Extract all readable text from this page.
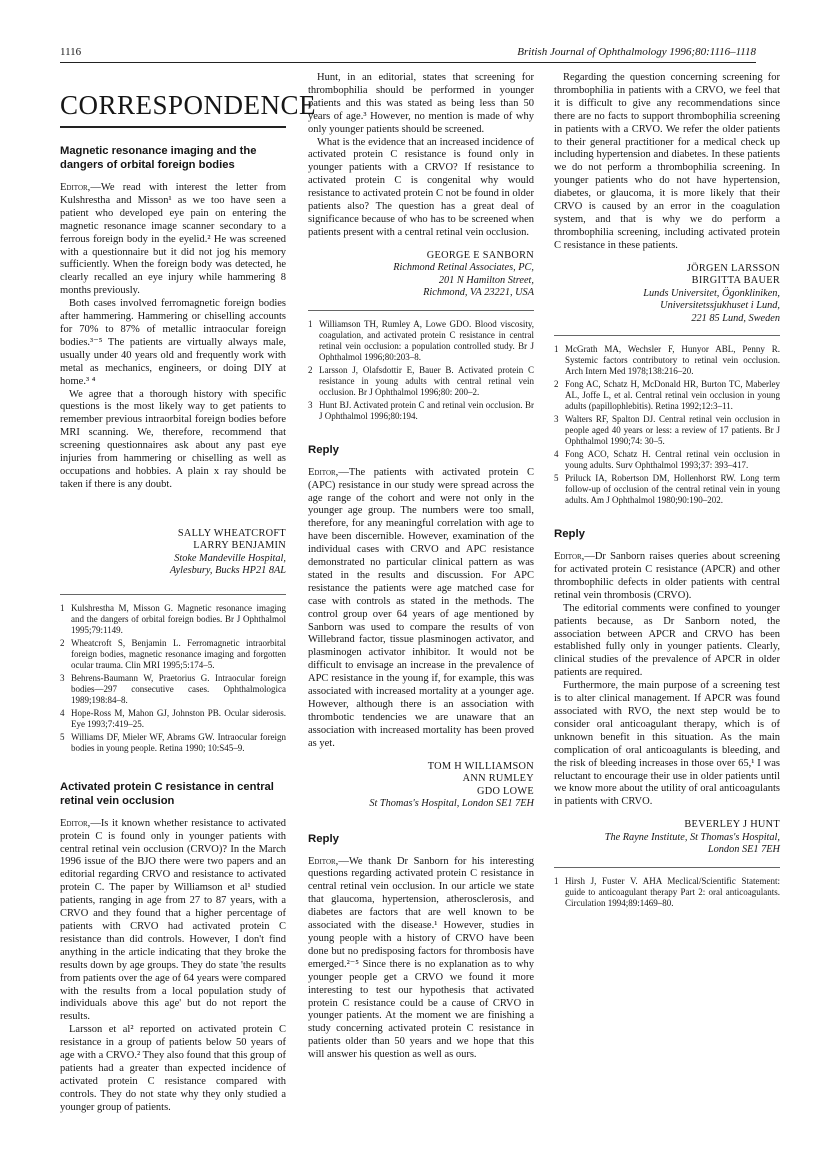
1116	British Journal of Ophthalmology 1996;80:1116–1118
CORRESPONDENCE
Magnetic resonance imaging and the dangers of orbital foreign bodies

Editor,—We read with interest the letter from Kulshrestha and Misson¹ as we too have seen a patient who developed eye pain on entering the magnetic resonance image scanner secondary to a ferrous foreign body in the eyelid.² He was screened with a questionnaire but it did not jog his memory sufficiently. When the foreign body was detected, he clearly recalled an eye injury while hammering 8 months previously.

Both cases involved ferromagnetic foreign bodies after hammering. Hammering or chiselling accounts for 70% to 87% of metallic intraocular foreign bodies.³⁻⁵ The patients are virtually always male, usually under 40 years old and frequently work with metal as mechanics, engineers, or doing DIY at home.³ ⁴

We agree that a thorough history with specific questions is the most likely way to get patients to remember previous intraorbital foreign bodies before MRI scanning. We, therefore, recommend that screening questionnaires ask about any past eye injuries from hammering or chiselling as well as occupations and hobbies. A plain x ray should be taken if there is any doubt.

SALLY WHEATCROFT
LARRY BENJAMIN
Stoke Mandeville Hospital,
Aylesbury, Bucks HP21 8AL
1 Kulshrestha M, Misson G. Magnetic resonance imaging and the dangers of orbital foreign bodies. Br J Ophthalmol 1995;79:1149.
2 Wheatcroft S, Benjamin L. Ferromagnetic intraorbital foreign bodies, magnetic resonance imaging and forgotten ocular trauma. Clin MRI 1995;5:174–5.
3 Behrens-Baumann W, Praetorius G. Intraocular foreign bodies—297 consecutive cases. Ophthalmologica 1989;198:84–8.
4 Hope-Ross M, Mahon GJ, Johnston PB. Ocular siderosis. Eye 1993;7:419–25.
5 Williams DF, Mieler WF, Abrams GW. Intraocular foreign bodies in young people. Retina 1990; 10:S45–9.
Activated protein C resistance in central retinal vein occlusion

Editor,—Is it known whether resistance to activated protein C is found only in younger patients with central retinal vein occlusion (CRVO)? In the March 1996 issue of the BJO there were two papers and an editorial regarding CRVO and resistance to activated protein C. The paper by Williamson et al¹ studied patients, ranging in age from 27 to 87 years, with a CRVO and they found that a higher percentage of patients with CRVO had activated protein C resistance than did controls. However, I don't find anything in the article indicating that they broke the results down by age groups. They do state 'the results from patients over the age of 64 years were compared with the results from a local population study of individuals above this age' but do not report the results.

Larsson et al² reported on activated protein C resistance in a group of patients below 50 years of age with a CRVO.² They also found that this group of patients had a greater than expected incidence of activated protein C resistance compared with controls. They do not state why they only studied a younger group of patients.

Hunt, in an editorial, states that screening for thrombophilia should be performed in younger patients and this was stated as being less than 50 years of age.³ However, no mention is made of why only younger patients should be screened.

What is the evidence that an increased incidence of activated protein C resistance is found only in younger patients with a CRVO? If resistance to activated protein C is congenital why would resistance to activated protein C not be found in older patients also? The question has a great deal of significance because of who has to be screened when patients present with a central retinal vein occlusion.

GEORGE E SANBORN
Richmond Retinal Associates, PC,
201 N Hamilton Street,
Richmond, VA 23221, USA
1 Williamson TH, Rumley A, Lowe GDO. Blood viscosity, coagulation, and activated protein C resistance in central retinal vein occlusion: a population controlled study. Br J Ophthalmol 1996;80:203–8.
2 Larsson J, Olafsdottir E, Bauer B. Activated protein C resistance in young adults with central retinal vein occlusion. Br J Ophthalmol 1996;80: 200–2.
3 Hunt BJ. Activated protein C and retinal vein occlusion. Br J Ophthalmol 1996;80:194.
Reply

Editor,—The patients with activated protein C (APC) resistance in our study were spread across the age range of the cohort and were not only in the younger age group. The numbers were too small, therefore, for any meaningful correlation with age to have been discernible. However, examination of the individual cases with CRVO and APC resistance demonstrated no particular clinical pattern as was stated in the results and discussion. For APC resistance the patients were age matched case for case with controls as stated in the methods. The control group over 64 years of age mentioned by Sanborn was used to compare the results of von Willebrand factor, tissue plasminogen activator, and plasminogen activator inhibitor. It would not be difficult to envisage an increase in the prevalence of APC resistance in the young if, for example, this was associated with increased mortality at a younger age. However, although there is an association with thrombotic tendencies we are unaware that an association with increased mortality has been proved as yet.

TOM H WILLIAMSON
ANN RUMLEY
GDO LOWE
St Thomas's Hospital, London SE1 7EH
Reply

Editor,—We thank Dr Sanborn for his interesting questions regarding activated protein C resistance in central retinal vein occlusion. In our article we state that glaucoma, hypertension, atherosclerosis, and diabetes are factors that are well known to be associated with the disease.¹ However, studies in young people with a history of CRVO have been done but no predisposing factors for thrombosis have emerged.²⁻⁵ Since there is no explanation as to why younger people get a CRVO we found it more interesting to test our hypothesis that activated protein C resistance could be a cause of CRVO in younger patients. At the moment we are finishing a study concerning activated protein C resistance in patients older than 50 years and we hope that this will answer his question as well as ours.

Regarding the question concerning screening for thrombophilia in patients with a CRVO, we feel that it is difficult to give any recommendations since there are no facts to support thrombophilia screening in patients with a CRVO. We refer the older patients to their general practitioner for a medical check up including hypertension and diabetes. In these patients we do not perform a thrombophilia screening. In younger patients who do not have hypertension, diabetes, or glaucoma, it is more likely that their CRVO is caused by an error in the coagulation system, and that is why we do perform a thrombophilia screening, including activated protein C resistance in these patients.

JÖRGEN LARSSON
BIRGITTA BAUER
Lunds Universitet, Ögonkliniken,
Universitetssjukhuset i Lund,
221 85 Lund, Sweden
1 McGrath MA, Wechsler F, Hunyor ABL, Penny R. Systemic factors contributory to retinal vein occlusion. Arch Intern Med 1978;138:216–20.
2 Fong AC, Schatz H, McDonald HR, Burton TC, Maberley AL, Joffe L, et al. Central retinal vein occlusion in young adults (papillophlebitis). Retina 1992;12:3–11.
3 Walters RF, Spalton DJ. Central retinal vein occlusion in people aged 40 years or less: a review of 17 patients. Br J Ophthalmol 1990;74: 30–5.
4 Fong ACO, Schatz H. Central retinal vein occlusion in young adults. Surv Ophthalmol 1993;37: 393–417.
5 Priluck IA, Robertson DM, Hollenhorst RW. Long term follow-up of occlusion of the central retinal vein in young adults. Am J Ophthalmol 1980;90:190–202.
Reply

Editor,—Dr Sanborn raises queries about screening for activated protein C resistance (APCR) and other thrombophilic defects in older patients with central retinal vein thrombosis (CRVO).

The editorial comments were confined to younger patients because, as Dr Sanborn noted, the association between APCR and CRVO has been established fully only in younger patients. Clearly, clinical studies of the prevalence of APCR in older patients are required.

Furthermore, the main purpose of a screening test is to alter clinical management. If APCR was found associated with RVO, the next step would be to consider oral anticoagulant therapy, which is of unknown benefit in this situation. As the main complication of oral anticoagulants is bleeding, and the risk of bleeding increases in those over 65,¹ I was reluctant to encourage their use in older patients until we know more about the utility of oral anticoagulants in patients with CRVO.

BEVERLEY J HUNT
The Rayne Institute, St Thomas's Hospital,
London SE1 7EH
1 Hirsh J, Fuster V. AHA Meclical/Scientific Statement: guide to anticoagulant therapy Part 2: oral anticoagulants. Circulation 1994;89:1469–80.
